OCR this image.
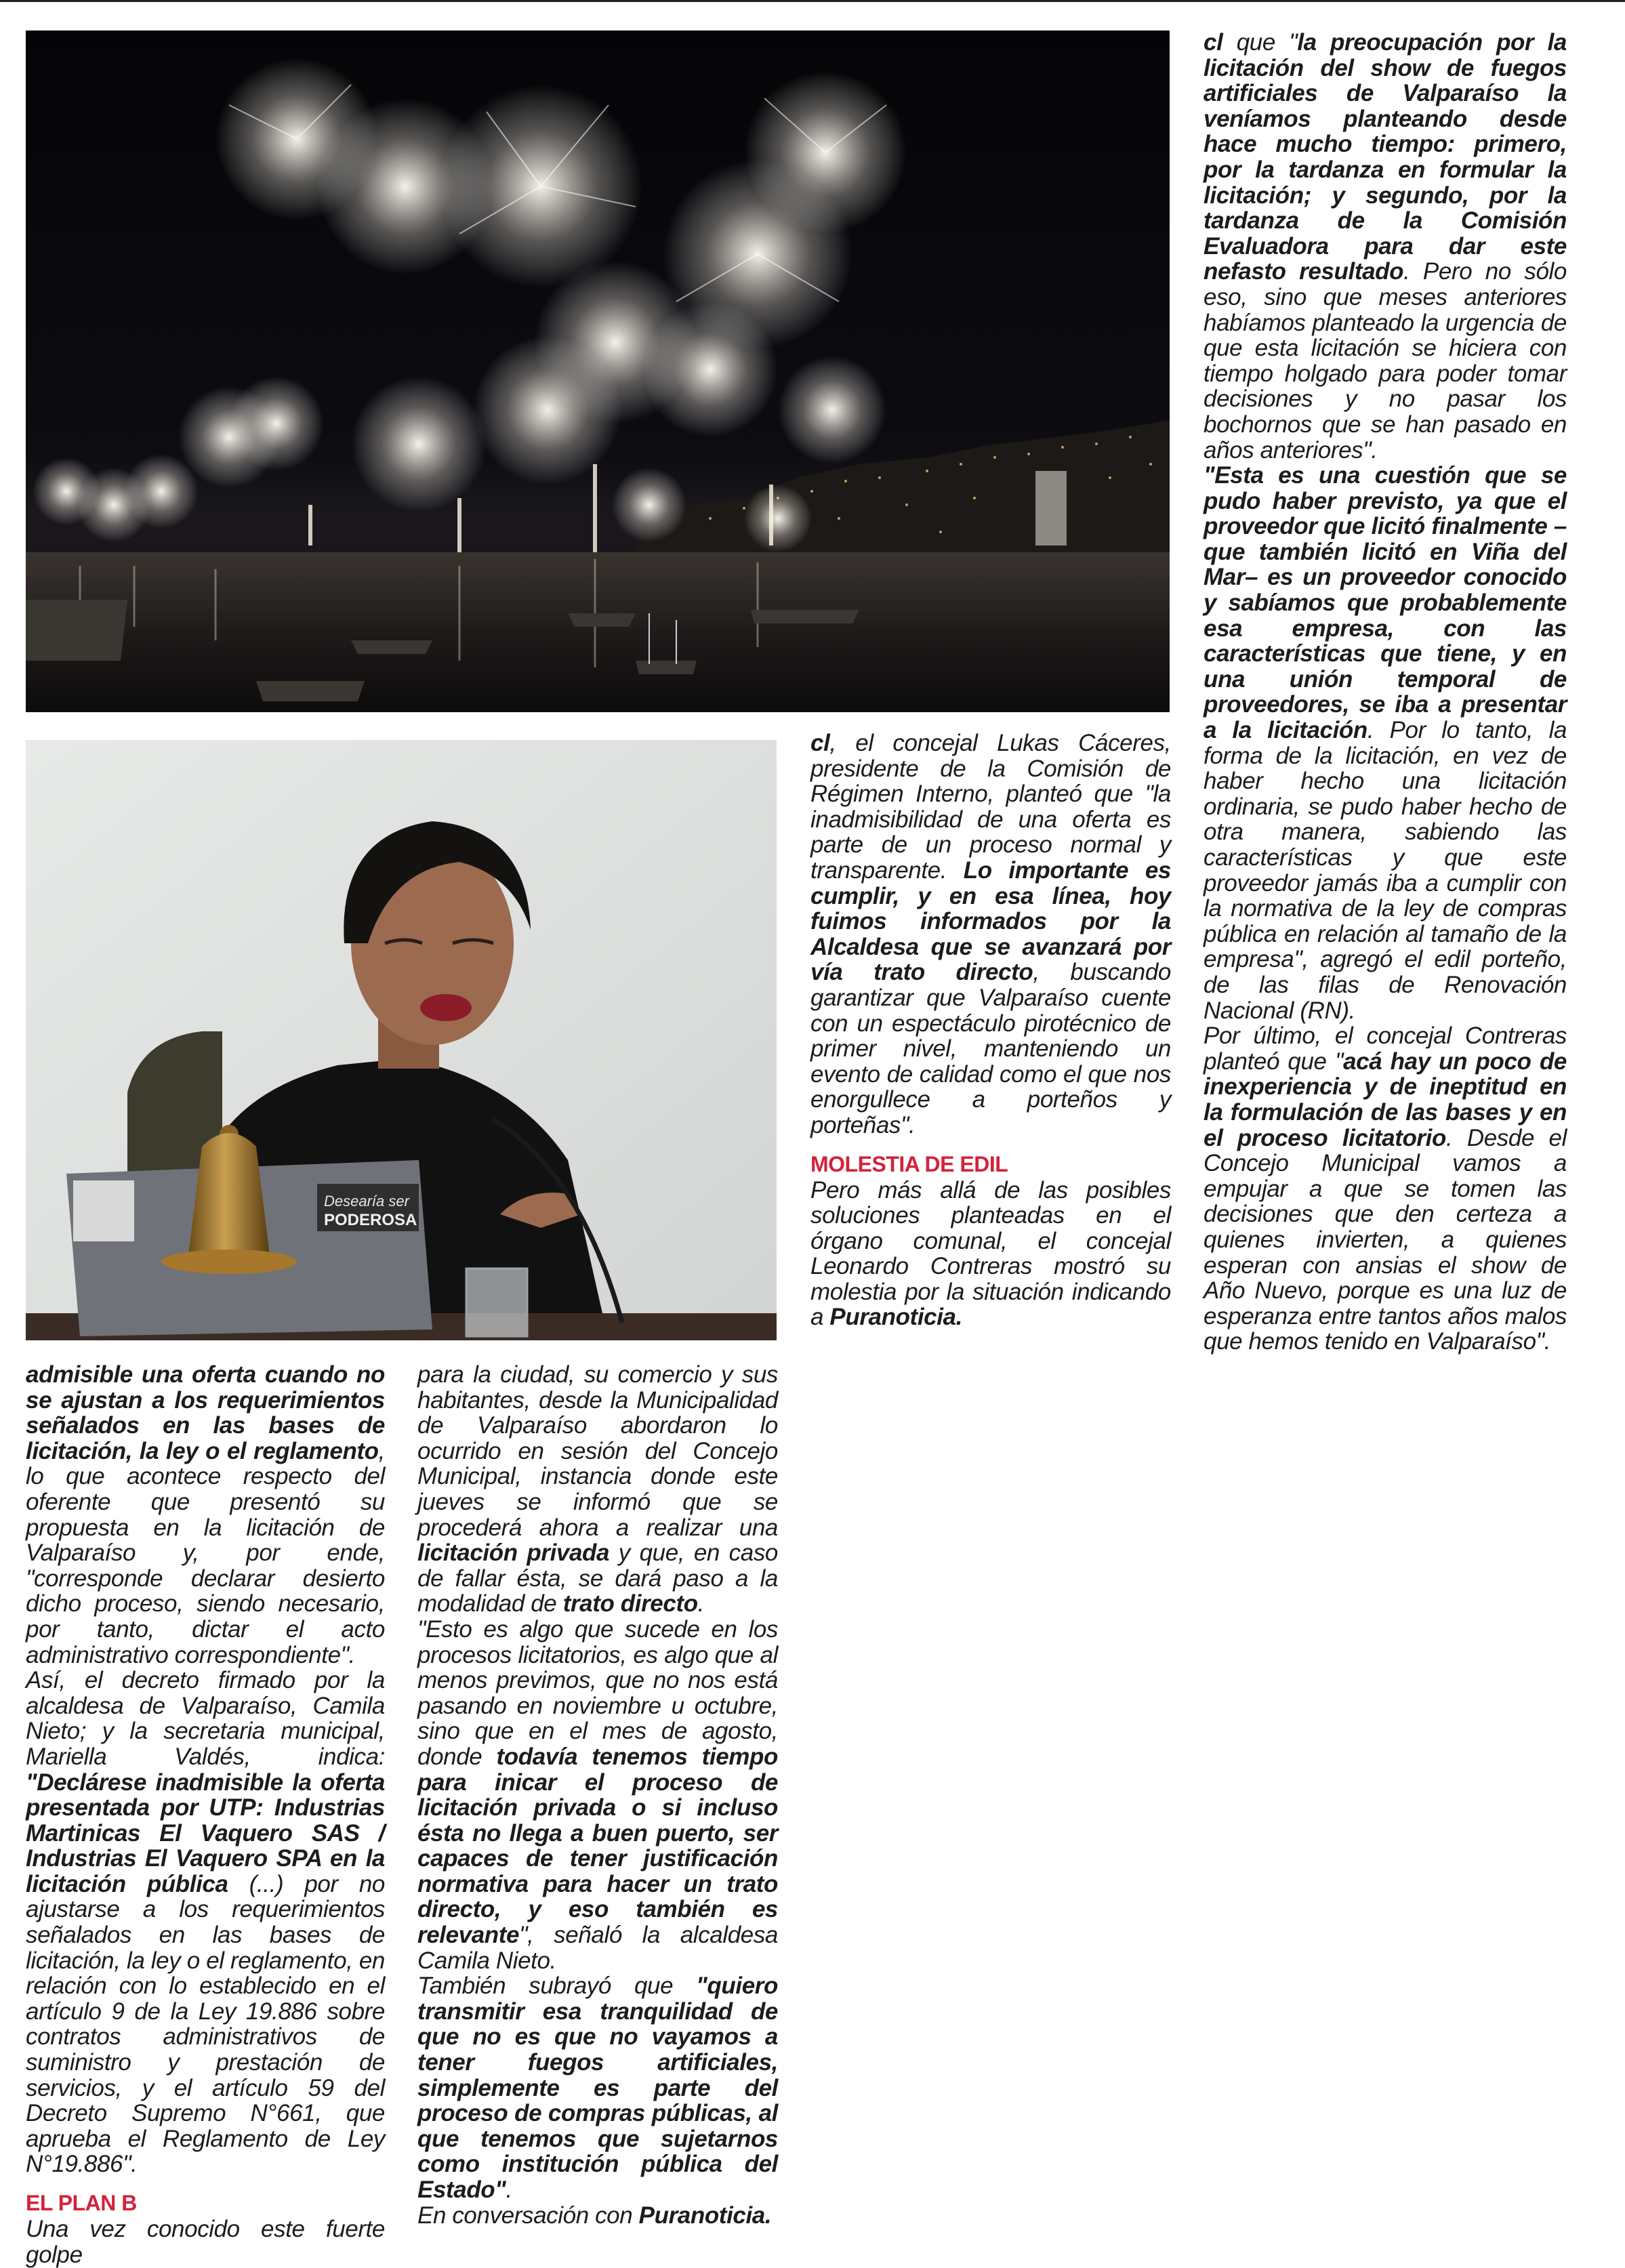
Desearía ser
PODEROSA

cl que "la preocupación por la licitación del show de fuegos artificiales de Valparaíso la veníamos planteando desde hace mucho tiempo: primero, por la tardanza en formular la licitación; y segundo, por la tardanza de la Comisión Evaluadora para dar este nefasto resultado. Pero no sólo eso, sino que meses anteriores habíamos planteado la urgencia de que esta licitación se hiciera con tiempo holgado para poder tomar decisiones y no pasar los bochornos que se han pasado en años anteriores".

"Esta es una cuestión que se pudo haber previsto, ya que el proveedor que licitó finalmente –que también licitó en Viña del Mar– es un proveedor conocido y sabíamos que probablemente esa empresa, con las características que tiene, y en una unión temporal de proveedores, se iba a presentar a la licitación. Por lo tanto, la forma de la licitación, en vez de haber hecho una licitación ordinaria, se pudo haber hecho de otra manera, sabiendo las características y que este proveedor jamás iba a cumplir con la normativa de la ley de compras pública en relación al tamaño de la empresa", agregó el edil porteño, de las filas de Renovación Nacional (RN).

Por último, el concejal Contreras planteó que "acá hay un poco de inexperiencia y de ineptitud en la formulación de las bases y en el proceso licitatorio. Desde el Concejo Municipal vamos a empujar a que se tomen las decisiones que den certeza a quienes invierten, a quienes esperan con ansias el show de Año Nuevo, porque es una luz de esperanza entre tantos años malos que hemos tenido en Valparaíso".

cl, el concejal Lukas Cáceres, presidente de la Comisión de Régimen Interno, planteó que "la inadmisibilidad de una oferta es parte de un proceso normal y transparente. Lo importante es cumplir, y en esa línea, hoy fuimos informados por la Alcaldesa que se avanzará por vía trato directo, buscando garantizar que Valparaíso cuente con un espectáculo pirotécnico de primer nivel, manteniendo un evento de calidad como el que nos enorgullece a porteños y porteñas".

MOLESTIA DE EDIL

Pero más allá de las posibles soluciones planteadas en el órgano comunal, el concejal Leonardo Contreras mostró su molestia por la situación indicando a Puranoticia.

admisible una oferta cuando no se ajustan a los requerimientos señalados en las bases de licitación, la ley o el reglamento, lo que acontece respecto del oferente que presentó su propuesta en la licitación de Valparaíso y, por ende, "corresponde declarar desierto dicho proceso, siendo necesario, por tanto, dictar el acto administrativo correspondiente".

Así, el decreto firmado por la alcaldesa de Valparaíso, Camila Nieto; y la secretaria municipal, Mariella Valdés, indica: "Declárese inadmisible la oferta presentada por UTP: Industrias Martinicas El Vaquero SAS / Industrias El Vaquero SPA en la licitación pública (...) por no ajustarse a los requerimientos señalados en las bases de licitación, la ley o el reglamento, en relación con lo establecido en el artículo 9 de la Ley 19.886 sobre contratos administrativos de suministro y prestación de servicios, y el artículo 59 del Decreto Supremo N°661, que aprueba el Reglamento de Ley N°19.886".

EL PLAN B

Una vez conocido este fuerte golpe

para la ciudad, su comercio y sus habitantes, desde la Municipalidad de Valparaíso abordaron lo ocurrido en sesión del Concejo Municipal, instancia donde este jueves se informó que se procederá ahora a realizar una licitación privada y que, en caso de fallar ésta, se dará paso a la modalidad de trato directo.

"Esto es algo que sucede en los procesos licitatorios, es algo que al menos previmos, que no nos está pasando en noviembre u octubre, sino que en el mes de agosto, donde todavía tenemos tiempo para inicar el proceso de licitación privada o si incluso ésta no llega a buen puerto, ser capaces de tener justificación normativa para hacer un trato directo, y eso también es relevante", señaló la alcaldesa Camila Nieto.

También subrayó que "quiero transmitir esa tranquilidad de que no es que no vayamos a tener fuegos artificiales, simplemente es parte del proceso de compras públicas, al que tenemos que sujetarnos como institución pública del Estado".

En conversación con Puranoticia.
